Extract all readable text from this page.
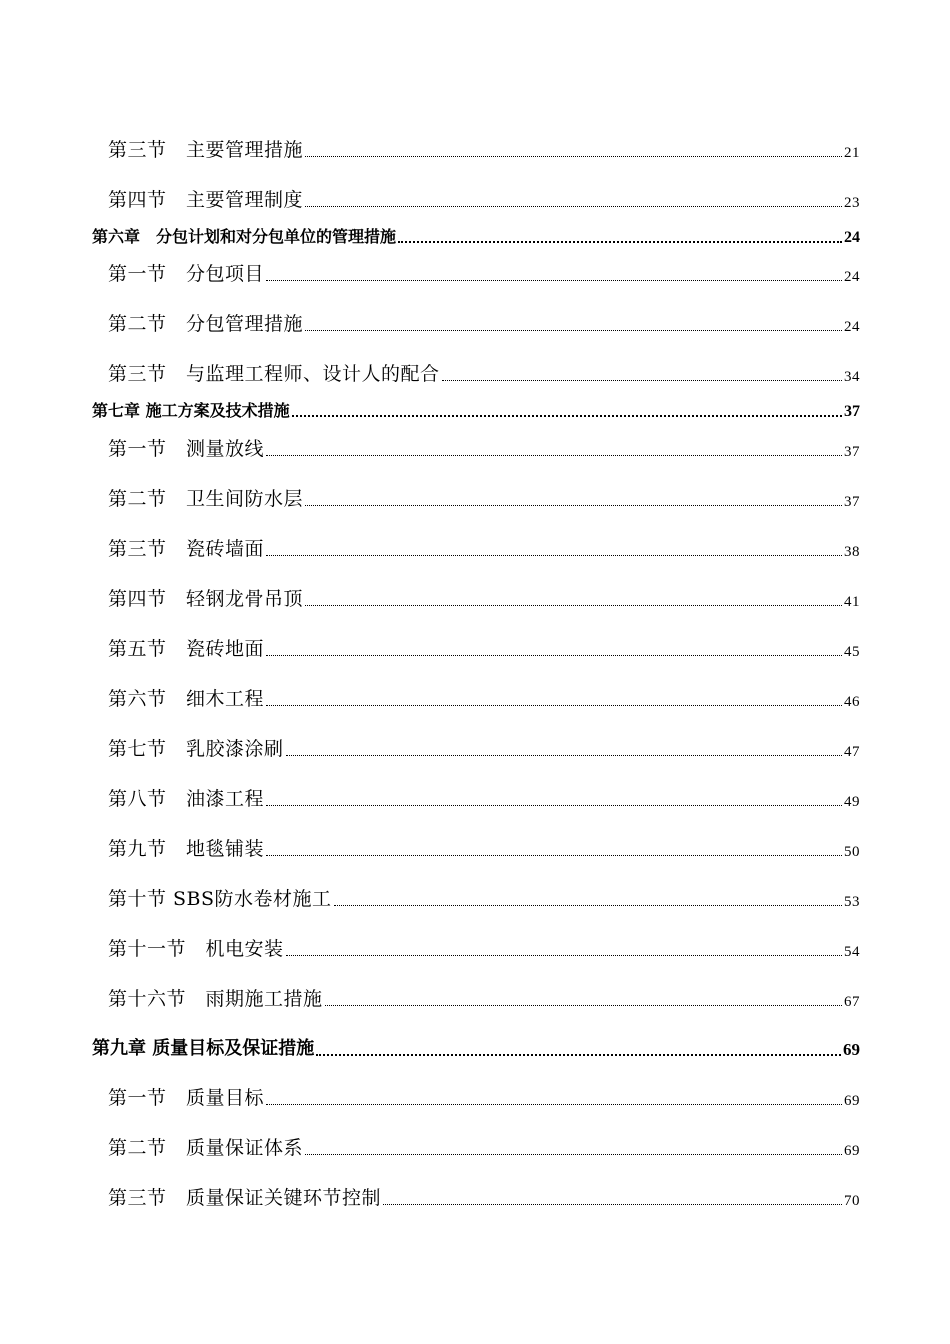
第三节　主要管理措施	21
第四节　主要管理制度	23
第六章　分包计划和对分包单位的管理措施	24
第一节　分包项目	24
第二节　分包管理措施	24
第三节　与监理工程师、设计人的配合	34
第七章 施工方案及技术措施	37
第一节　测量放线	37
第二节　卫生间防水层	37
第三节　瓷砖墙面	38
第四节　轻钢龙骨吊顶	41
第五节　瓷砖地面	45
第六节　细木工程	46
第七节　乳胶漆涂刷	47
第八节　油漆工程	49
第九节　地毯铺装	50
第十节 SBS防水卷材施工	53
第十一节　机电安装	54
第十六节　雨期施工措施	67
第九章 质量目标及保证措施	69
第一节　质量目标	69
第二节　质量保证体系	69
第三节　质量保证关键环节控制	70
